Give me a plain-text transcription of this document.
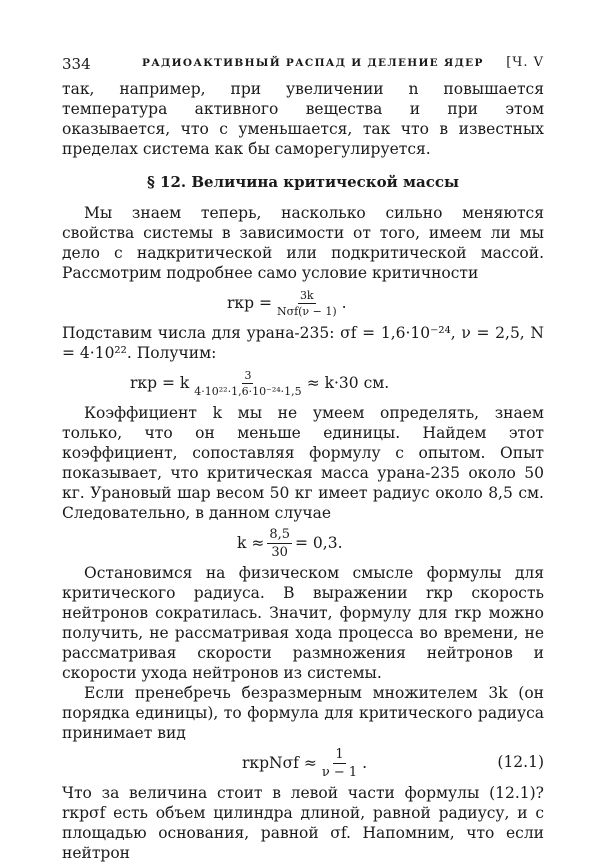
334	РАДИОАКТИВНЫЙ РАСПАД И ДЕЛЕНИЕ ЯДЕР [Ч. V

так, например, при увеличении n повышается температура активного вещества и при этом оказывается, что c уменьшается, так что в известных пределах система как бы саморегулируется.

§ 12. Величина критической массы

Мы знаем теперь, насколько сильно меняются свойства системы в зависимости от того, имеем ли мы дело с надкритической или подкритической массой. Рассмотрим подробнее само условие критичности

rкр = $\frac{3k}{\text{Nσf(ν − 1)}}$ .

Подставим числа для урана-235: σf = 1,6·10⁻²⁴, ν = 2,5, N = 4·10²². Получим:

rкр = k $\frac{3}{\text{4·10²²·1,6·10⁻²⁴·1,5}} \approx k\cdot 30$ см.

Коэффициент k мы не умеем определять, знаем только, что он меньше единицы. Найдем этот коэффициент, сопоставляя формулу с опытом. Опыт показывает, что критическая масса урана-235 около 50 кг. Урановый шар весом 50 кг имеет радиус около 8,5 см. Следовательно, в данном случае

$k \approx \frac{8,5}{30} = 0,3$.

Остановимся на физическом смысле формулы для критического радиуса. В выражении rкр скорость нейтронов сократилась. Значит, формулу для rкр можно получить, не рассматривая хода процесса во времени, не рассматривая скорости размножения нейтронов и скорости ухода нейтронов из системы.

Если пренебречь безразмерным множителем 3k (он порядка единицы), то формула для критического радиуса принимает вид

rкрNσf ≈ $\frac{1}{\nu - 1}$ .	(12.1)

Что за величина стоит в левой части формулы (12.1)? rкрσf есть объем цилиндра длиной, равной радиусу, и с площадью основания, равной σf. Напомним, что если нейтрон
